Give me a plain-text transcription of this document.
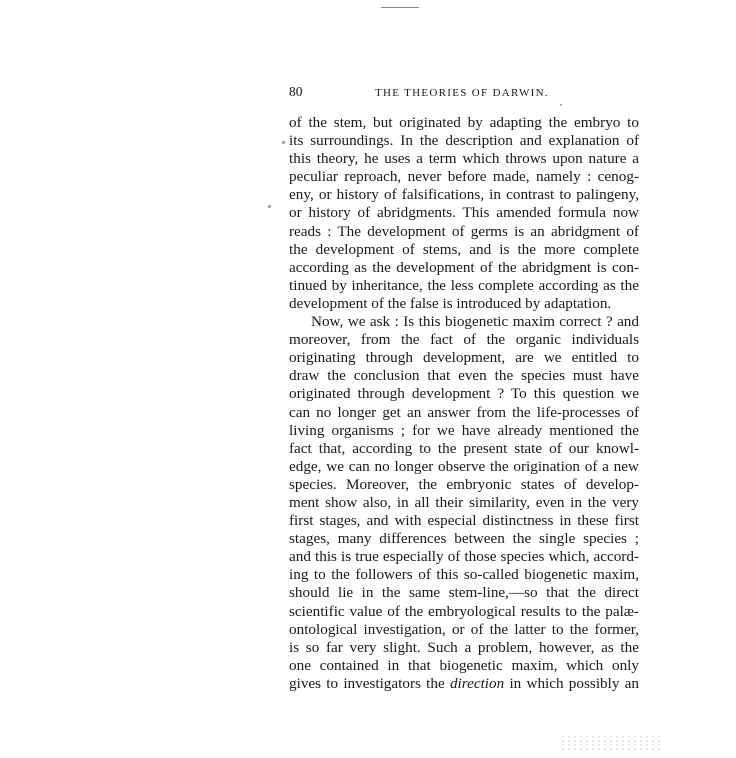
80	THE THEORIES OF DARWIN.
of the stem, but originated by adapting the embryo to
its surroundings. In the description and explanation of
this theory, he uses a term which throws upon nature a
peculiar reproach, never before made, namely : cenog-
eny, or history of falsifications, in contrast to palingeny,
or history of abridgments. This amended formula now
reads : The development of germs is an abridgment of
the development of stems, and is the more complete
according as the development of the abridgment is con-
tinued by inheritance, the less complete according as the
development of the false is introduced by adaptation.
Now, we ask : Is this biogenetic maxim correct ? and
moreover, from the fact of the organic individuals
originating through development, are we entitled to
draw the conclusion that even the species must have
originated through development ? To this question we
can no longer get an answer from the life-processes of
living organisms ; for we have already mentioned the
fact that, according to the present state of our knowl-
edge, we can no longer observe the origination of a new
species. Moreover, the embryonic states of develop-
ment show also, in all their similarity, even in the very
first stages, and with especial distinctness in these first
stages, many differences between the single species ;
and this is true especially of those species which, accord-
ing to the followers of this so-called biogenetic maxim,
should lie in the same stem-line,—so that the direct
scientific value of the embryological results to the palæ-
ontological investigation, or of the latter to the former,
is so far very slight. Such a problem, however, as the
one contained in that biogenetic maxim, which only
gives to investigators the direction in which possibly an
